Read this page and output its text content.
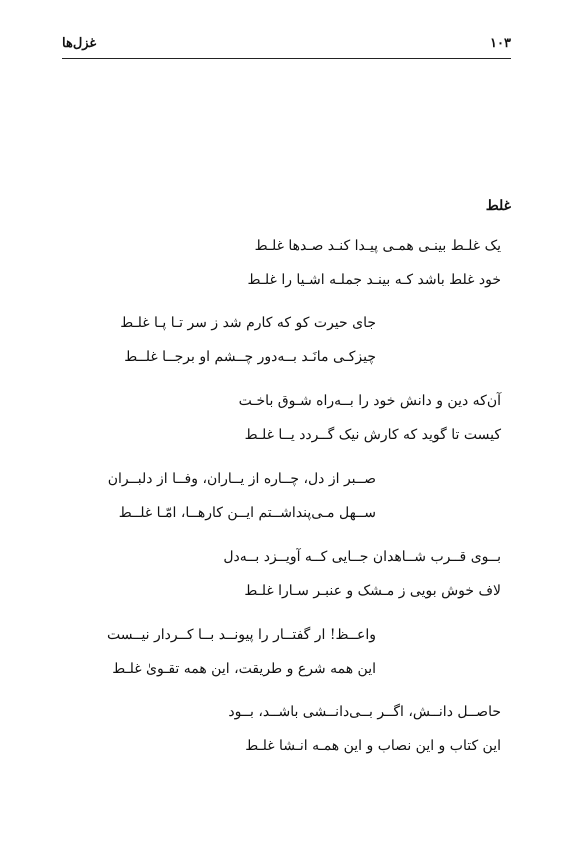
۱۰۳
غزل‌ها
غلط
یک غلـط بینـی همـی پیـدا کنـد صـدها غلـط
خود غلط باشد کـه بینـد جملـه اشـیا را غلـط
جای حیرت کو که کارم شد ز سر تـا پـا غلـط
چیزکـی مانَـد بــه‌دور چــشم او برجــا غلــط
آن‌که دین و دانش خود را بــه‌راه شـوق باخـت
کیست تا گوید که کارش نیک گــردد یــا غلـط
صــبر از دل، چــاره از یــاران، وفــا از دلبــران
ســهل مـی‌پنداشــتم ایــن کارهــا، امّـا غلــط
بــوی قــرب شــاهدان جــایی کــه آویــزد بــه‌دل
لاف خوش بویی ز مـشک و عنبـر سـارا غلـط
واعــظ! ار گفتــار را پیونــد بــا کــردار نیــست
این همه شرع و طریقت، این همه تقـویٰ غلـط
حاصــل دانــش، اگــر بــی‌دانــشی باشــد، بــود
این کتاب و این نصاب و این همـه انـشا غلـط
